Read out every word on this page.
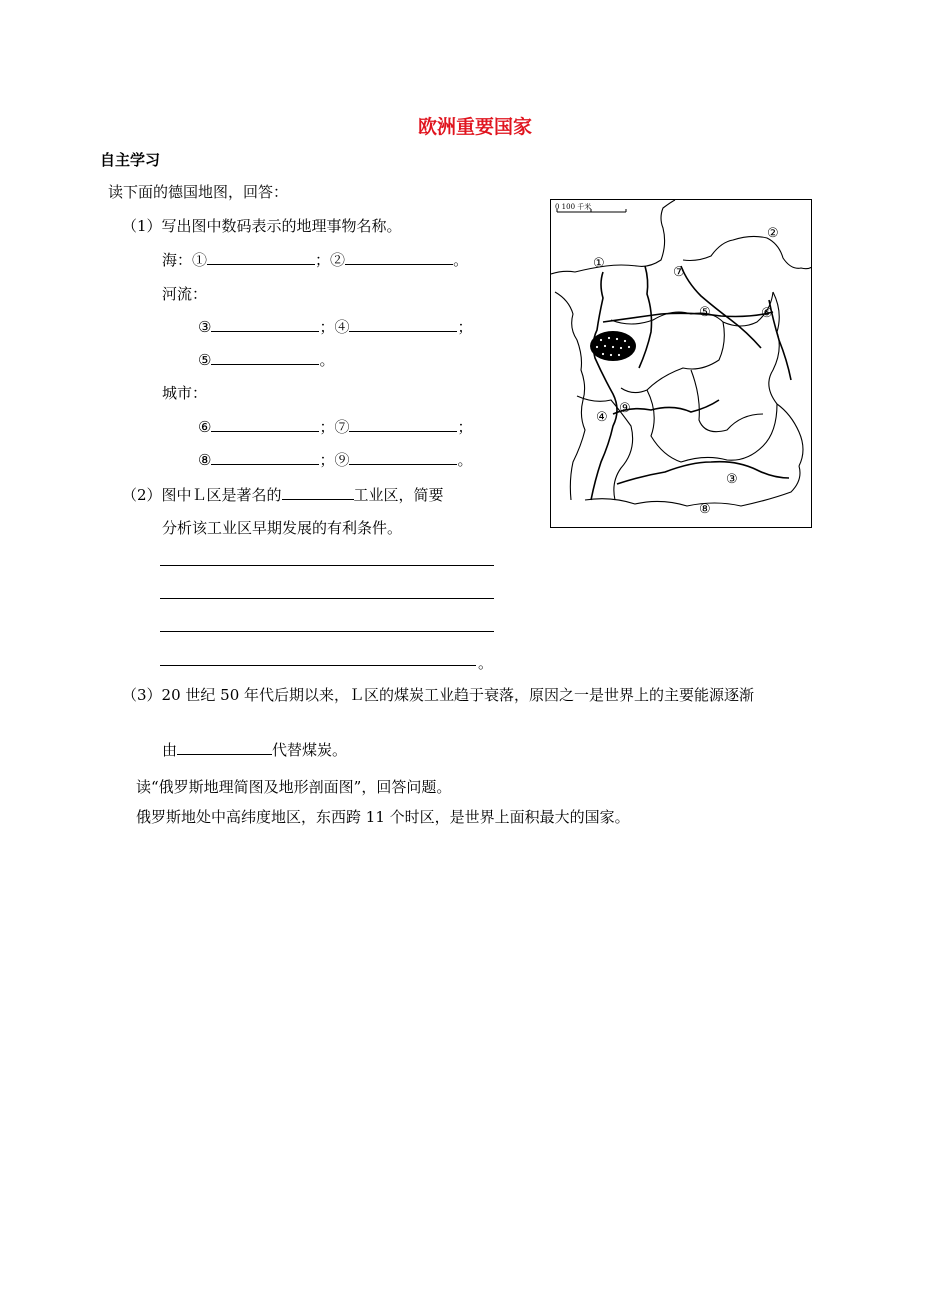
欧洲重要国家
自主学习
读下面的德国地图，回答：
（1）写出图中数码表示的地理事物名称。
海：①	；②	。
河流：
③	；④	；
⑤	。
城市：
⑥	；⑦	；
⑧	；⑨	。
（2）图中Ｌ区是著名的	工业区，简要
分析该工业区早期发展的有利条件。
。
（3）20 世纪 50 年代后期以来，Ｌ区的煤炭工业趋于衰落，原因之一是世界上的主要能源逐渐
由	代替煤炭。
读“俄罗斯地理简图及地形剖面图”，回答问题。
俄罗斯地处中高纬度地区，东西跨 11 个时区，是世界上面积最大的国家。
0 100 千米
①
②
③
④
⑤	⑥
⑦
⑧
⑨
